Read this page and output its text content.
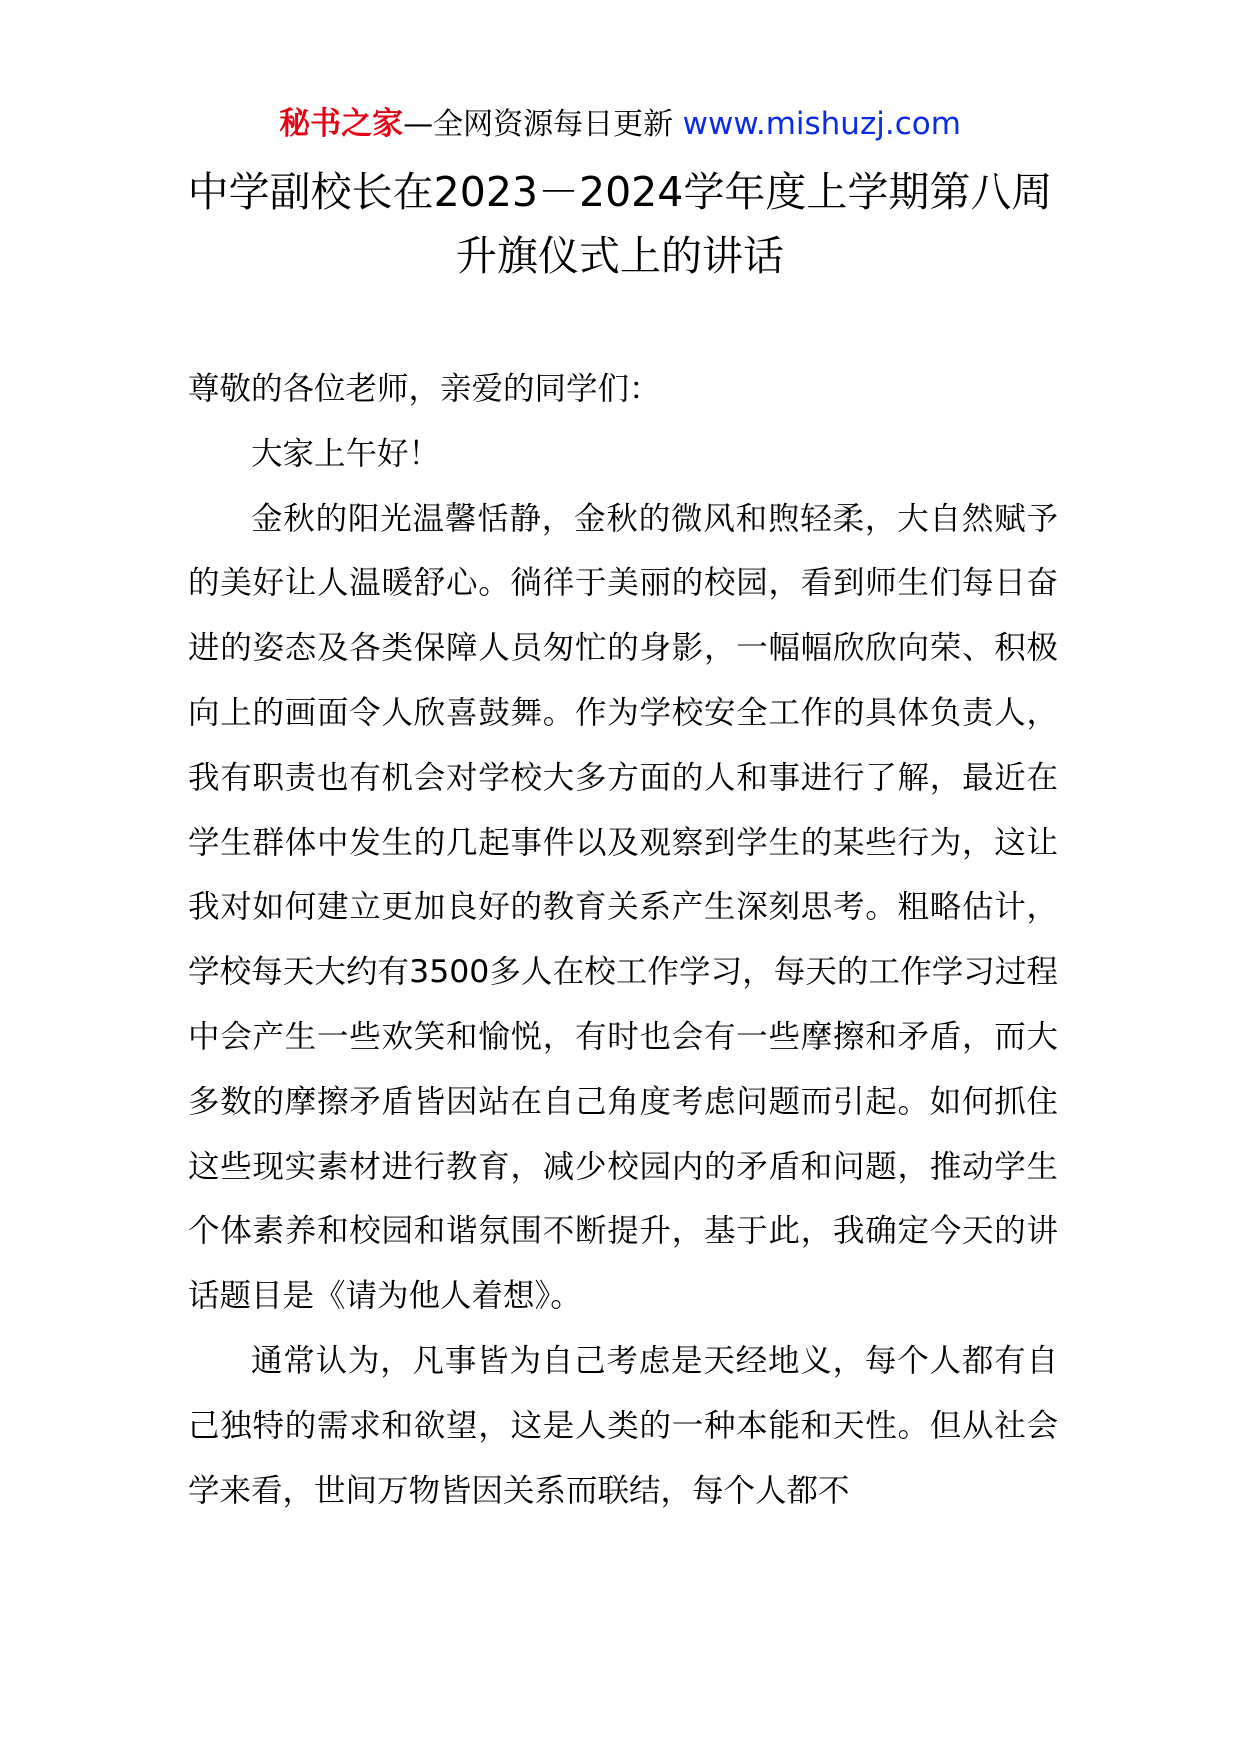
秘书之家—全网资源每日更新 www.mishuzj.com
中学副校长在2023－2024学年度上学期第八周
升旗仪式上的讲话

尊敬的各位老师，亲爱的同学们：

大家上午好！

金秋的阳光温馨恬静，金秋的微风和煦轻柔，大自然赋予的美好让人温暖舒心。徜徉于美丽的校园，看到师生们每日奋进的姿态及各类保障人员匆忙的身影，一幅幅欣欣向荣、积极向上的画面令人欣喜鼓舞。作为学校安全工作的具体负责人，我有职责也有机会对学校大多方面的人和事进行了解，最近在学生群体中发生的几起事件以及观察到学生的某些行为，这让我对如何建立更加良好的教育关系产生深刻思考。粗略估计，学校每天大约有3500多人在校工作学习，每天的工作学习过程中会产生一些欢笑和愉悦，有时也会有一些摩擦和矛盾，而大多数的摩擦矛盾皆因站在自己角度考虑问题而引起。如何抓住这些现实素材进行教育，减少校园内的矛盾和问题，推动学生个体素养和校园和谐氛围不断提升，基于此，我确定今天的讲话题目是《请为他人着想》。

通常认为，凡事皆为自己考虑是天经地义，每个人都有自己独特的需求和欲望，这是人类的一种本能和天性。但从社会学来看，世间万物皆因关系而联结，每个人都不
